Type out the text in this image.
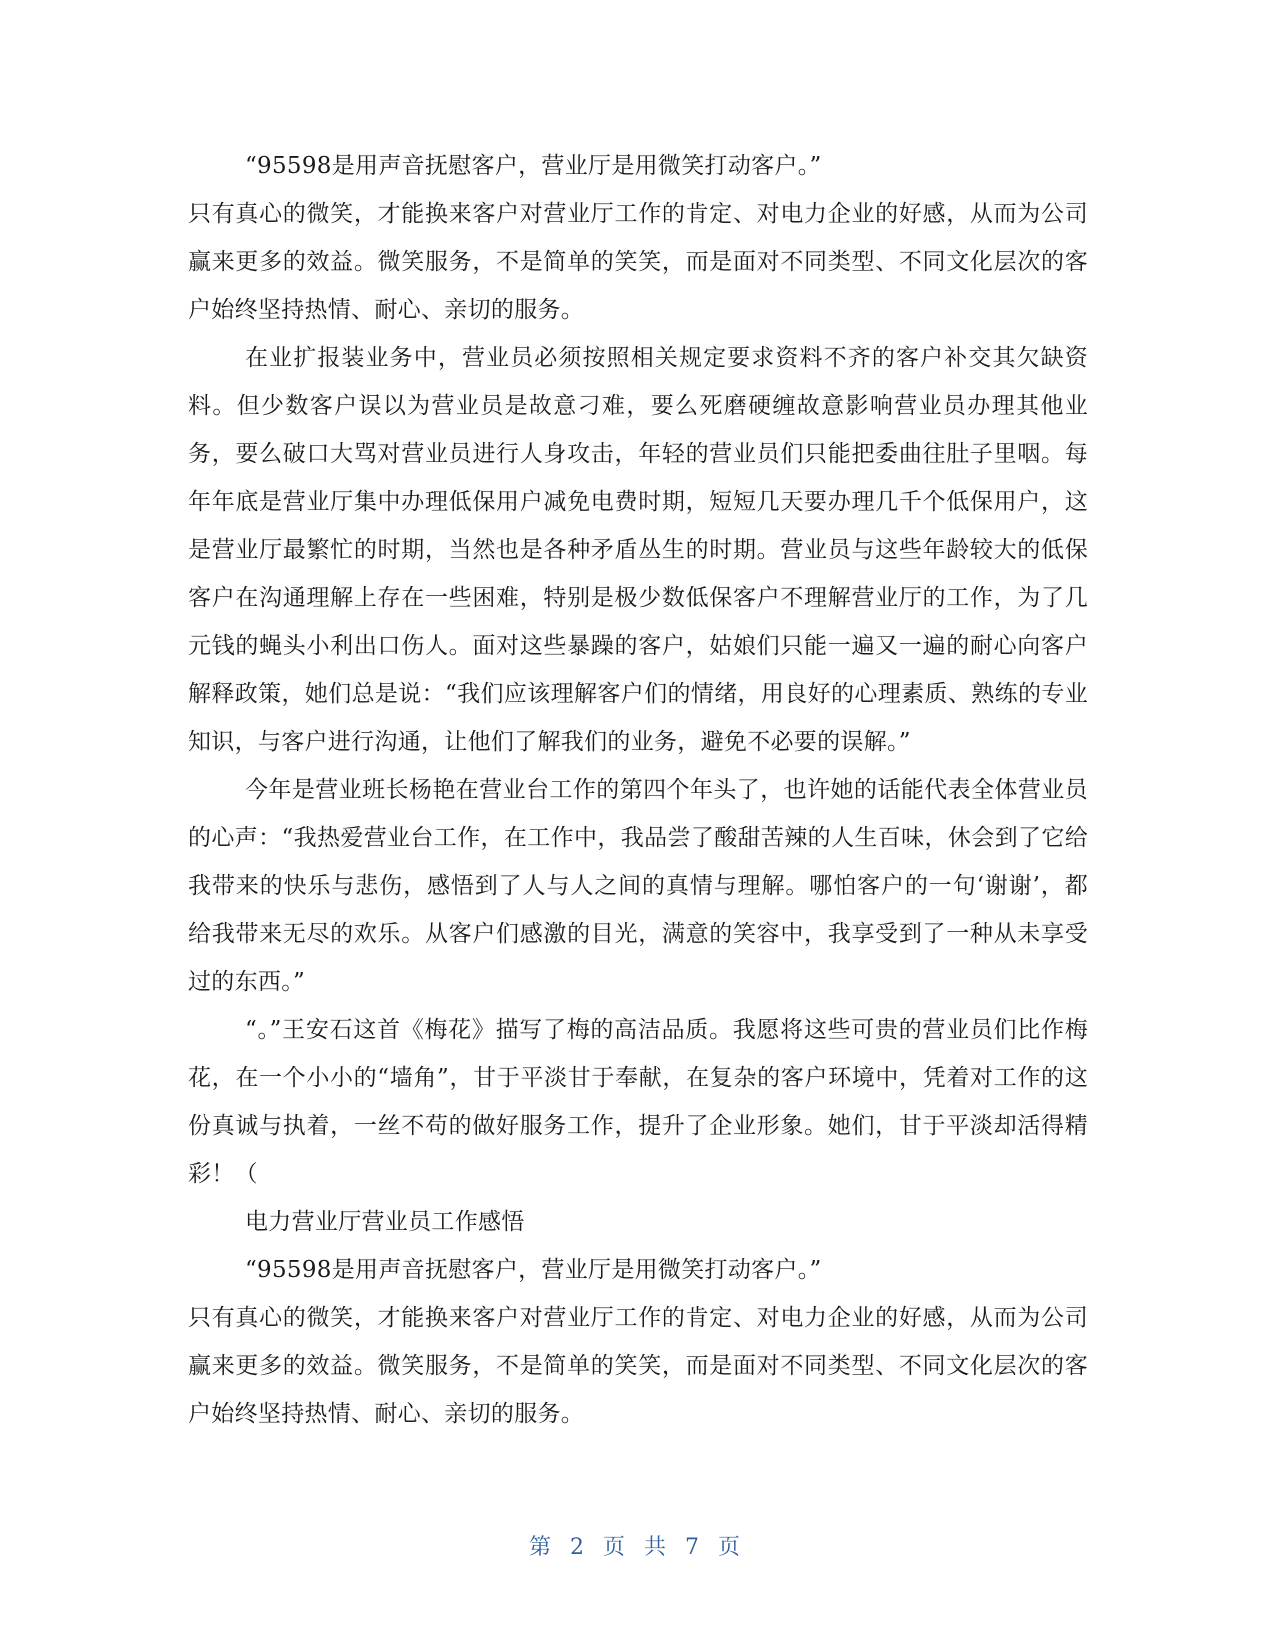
“95598是用声音抚慰客户，营业厅是用微笑打动客户。”

只有真心的微笑，才能换来客户对营业厅工作的肯定、对电力企业的好感，从而为公司赢来更多的效益。微笑服务，不是简单的笑笑，而是面对不同类型、不同文化层次的客户始终坚持热情、耐心、亲切的服务。

在业扩报装业务中，营业员必须按照相关规定要求资料不齐的客户补交其欠缺资料。但少数客户误以为营业员是故意刁难，要么死磨硬缠故意影响营业员办理其他业务，要么破口大骂对营业员进行人身攻击，年轻的营业员们只能把委曲往肚子里咽。每年年底是营业厅集中办理低保用户减免电费时期，短短几天要办理几千个低保用户，这是营业厅最繁忙的时期，当然也是各种矛盾丛生的时期。营业员与这些年龄较大的低保客户在沟通理解上存在一些困难，特别是极少数低保客户不理解营业厅的工作，为了几元钱的蝇头小利出口伤人。面对这些暴躁的客户，姑娘们只能一遍又一遍的耐心向客户解释政策，她们总是说：“我们应该理解客户们的情绪，用良好的心理素质、熟练的专业知识，与客户进行沟通，让他们了解我们的业务，避免不必要的误解。”

今年是营业班长杨艳在营业台工作的第四个年头了，也许她的话能代表全体营业员的心声：“我热爱营业台工作，在工作中，我品尝了酸甜苦辣的人生百味，休会到了它给我带来的快乐与悲伤，感悟到了人与人之间的真情与理解。哪怕客户的一句‘谢谢’，都给我带来无尽的欢乐。从客户们感激的目光，满意的笑容中，我享受到了一种从未享受过的东西。”

“。”王安石这首《梅花》描写了梅的高洁品质。我愿将这些可贵的营业员们比作梅花，在一个小小的“墙角”，甘于平淡甘于奉献，在复杂的客户环境中，凭着对工作的这份真诚与执着，一丝不苟的做好服务工作，提升了企业形象。她们，甘于平淡却活得精彩！（

电力营业厅营业员工作感悟

“95598是用声音抚慰客户，营业厅是用微笑打动客户。”

只有真心的微笑，才能换来客户对营业厅工作的肯定、对电力企业的好感，从而为公司赢来更多的效益。微笑服务，不是简单的笑笑，而是面对不同类型、不同文化层次的客户始终坚持热情、耐心、亲切的服务。

第 2 页 共 7 页
